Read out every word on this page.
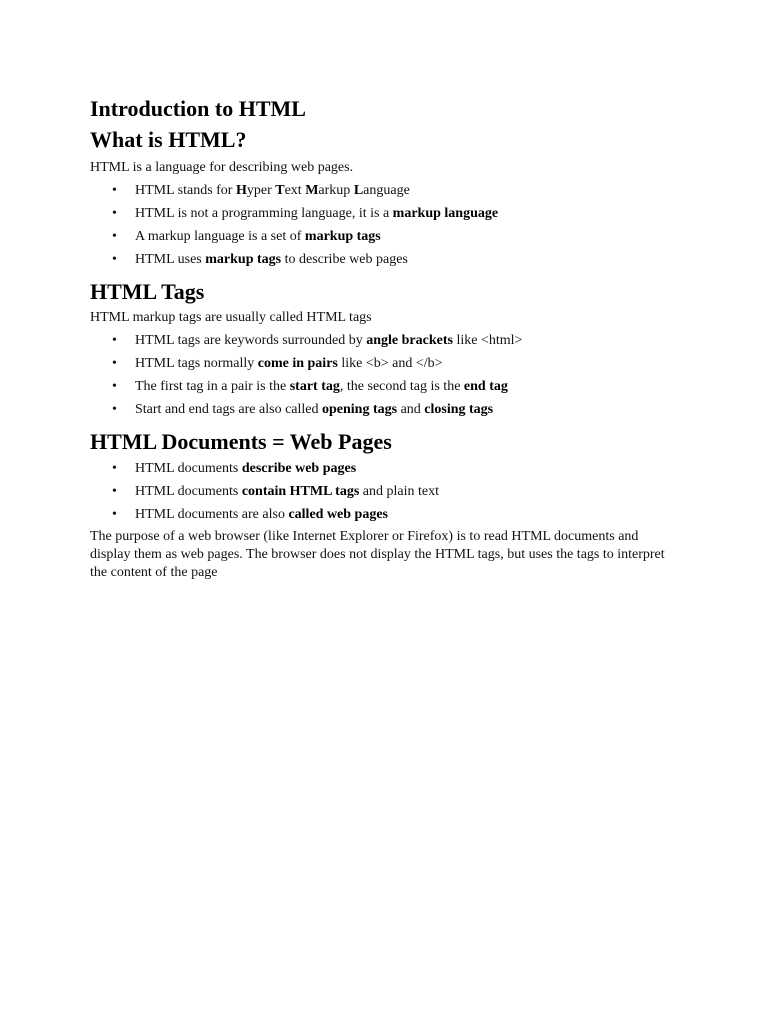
Introduction to HTML
What is HTML?

HTML is a language for describing web pages.

• HTML stands for Hyper Text Markup Language
• HTML is not a programming language, it is a markup language
• A markup language is a set of markup tags
• HTML uses markup tags to describe web pages
HTML Tags

HTML markup tags are usually called HTML tags

• HTML tags are keywords surrounded by angle brackets like <html>
• HTML tags normally come in pairs like <b> and </b>
• The first tag in a pair is the start tag, the second tag is the end tag
• Start and end tags are also called opening tags and closing tags
HTML Documents = Web Pages
• HTML documents describe web pages
• HTML documents contain HTML tags and plain text
• HTML documents are also called web pages

The purpose of a web browser (like Internet Explorer or Firefox) is to read HTML documents and display them as web pages. The browser does not display the HTML tags, but uses the tags to interpret the content of the page
